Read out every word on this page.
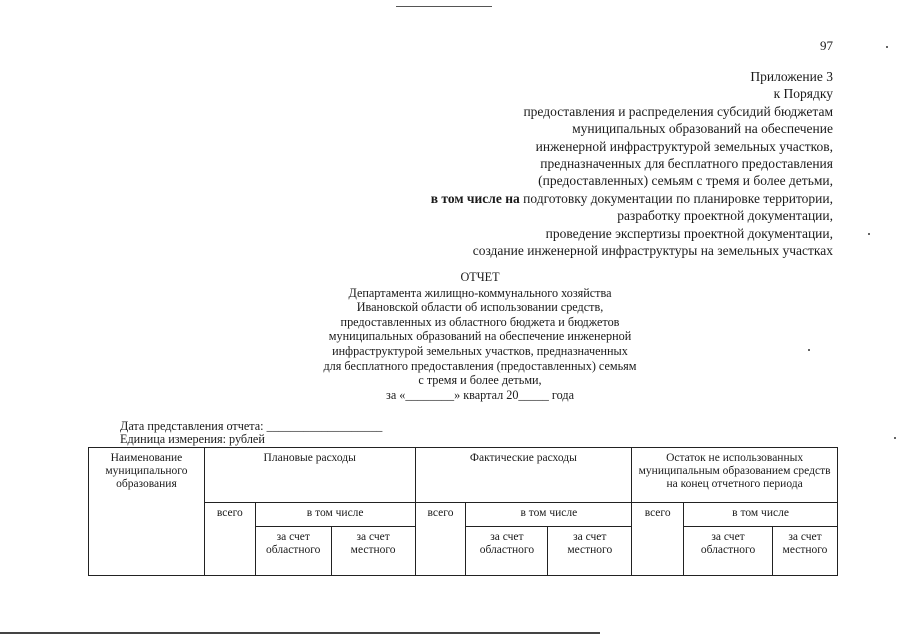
97
Приложение 3
к Порядку
предоставления и распределения субсидий бюджетам
муниципальных образований на обеспечение
инженерной инфраструктурой земельных участков,
предназначенных для бесплатного предоставления
(предоставленных) семьям с тремя и более детьми,
в том числе на подготовку документации по планировке территории,
разработку проектной документации,
проведение экспертизы проектной документации,
создание инженерной инфраструктуры на земельных участках
ОТЧЕТ
Департамента жилищно-коммунального хозяйства
Ивановской области об использовании средств,
предоставленных из областного бюджета и бюджетов
муниципальных образований на обеспечение инженерной
инфраструктурой земельных участков, предназначенных
для бесплатного предоставления (предоставленных) семьям
с тремя и более детьми,
за «________» квартал 20_____ года
Дата представления отчета: ___________________
Единица измерения: рублей
Наименование муниципального образования	Плановые расходы			Фактические расходы			Остаток не использованных муниципальным образованием средств на конец отчетного периода		
	всего	в том числе		всего	в том числе		всего	в том числе	
		за счет областного	за счет местного		за счет областного	за счет местного		за счет областного	за счет местного
